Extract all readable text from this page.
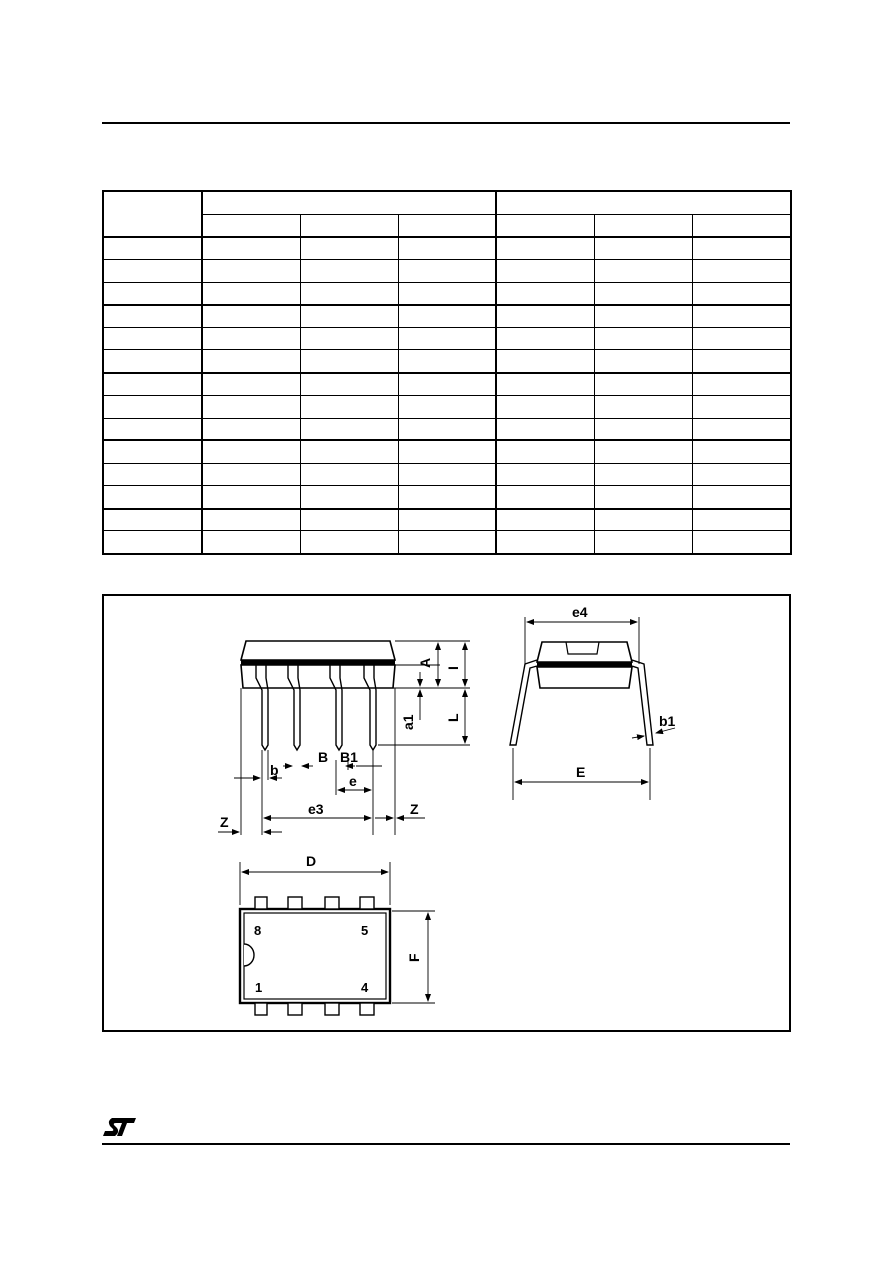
A
I
a1 L
b
B B1
e
e3
Z
Z
e4
E
b1
D
F
8	5
1	4
